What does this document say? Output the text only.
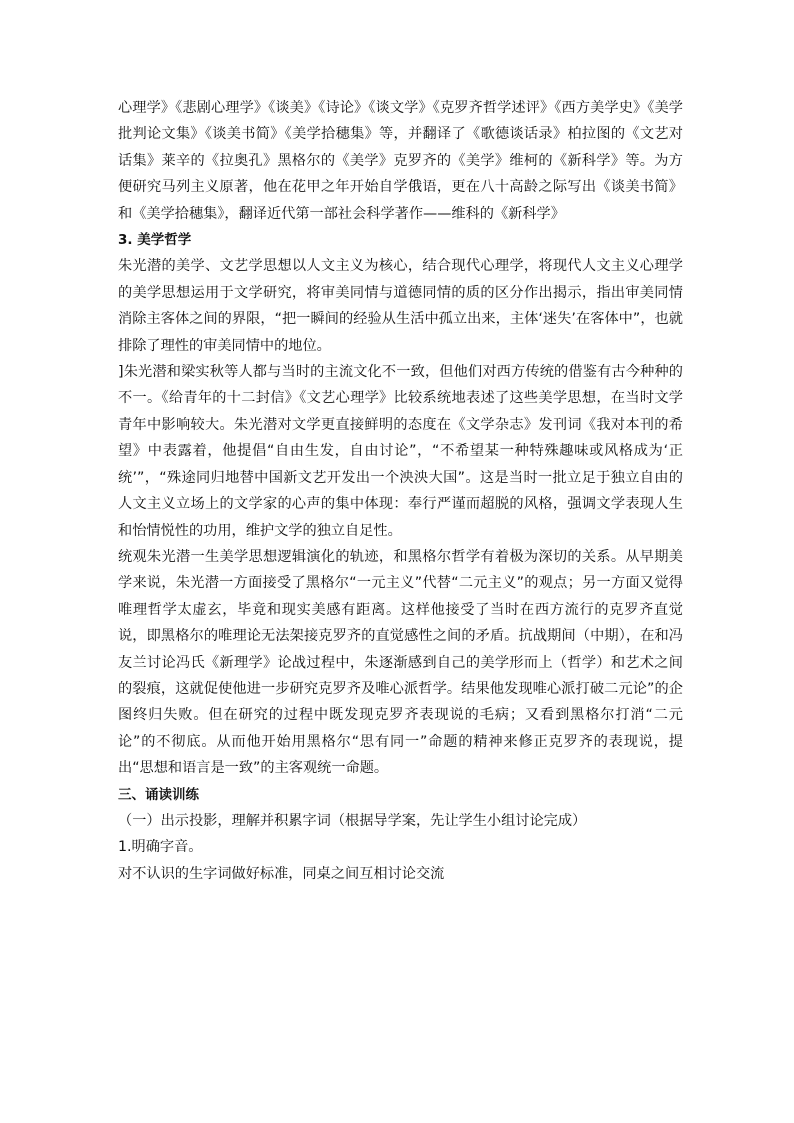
心理学》《悲剧心理学》《谈美》《诗论》《谈文学》《克罗齐哲学述评》《西方美学史》《美学批判论文集》《谈美书简》《美学拾穗集》等，并翻译了《歌德谈话录》柏拉图的《文艺对话集》莱辛的《拉奥孔》黑格尔的《美学》克罗齐的《美学》维柯的《新科学》等。为方便研究马列主义原著，他在花甲之年开始自学俄语，更在八十高龄之际写出《谈美书简》和《美学拾穗集》，翻译近代第一部社会科学著作——维科的《新科学》

3. 美学哲学

朱光潜的美学、文艺学思想以人文主义为核心，结合现代心理学，将现代人文主义心理学的美学思想运用于文学研究，将审美同情与道德同情的质的区分作出揭示，指出审美同情消除主客体之间的界限，“把一瞬间的经验从生活中孤立出来，主体‘迷失’在客体中”，也就排除了理性的审美同情中的地位。

]朱光潜和梁实秋等人都与当时的主流文化不一致，但他们对西方传统的借鉴有古今种种的不一。《给青年的十二封信》《文艺心理学》比较系统地表述了这些美学思想，在当时文学青年中影响较大。朱光潜对文学更直接鲜明的态度在《文学杂志》发刊词《我对本刊的希望》中表露着，他提倡“自由生发，自由讨论”，“不希望某一种特殊趣味或风格成为‘正统’”，“殊途同归地替中国新文艺开发出一个泱泱大国”。这是当时一批立足于独立自由的人文主义立场上的文学家的心声的集中体现：奉行严谨而超脱的风格，强调文学表现人生和怡情悦性的功用，维护文学的独立自足性。

统观朱光潜一生美学思想逻辑演化的轨迹，和黑格尔哲学有着极为深切的关系。从早期美学来说，朱光潜一方面接受了黑格尔“一元主义”代替“二元主义”的观点；另一方面又觉得唯理哲学太虚玄，毕竟和现实美感有距离。这样他接受了当时在西方流行的克罗齐直觉说，即黑格尔的唯理论无法架接克罗齐的直觉感性之间的矛盾。抗战期间（中期），在和冯友兰讨论冯氏《新理学》论战过程中，朱逐渐感到自己的美学形而上（哲学）和艺术之间的裂痕，这就促使他进一步研究克罗齐及唯心派哲学。结果他发现唯心派打破二元论”的企图终归失败。但在研究的过程中既发现克罗齐表现说的毛病；又看到黑格尔打消“二元论”的不彻底。从而他开始用黑格尔“思有同一”命题的精神来修正克罗齐的表现说，提出“思想和语言是一致”的主客观统一命题。

三、诵读训练

（一）出示投影，理解并积累字词（根据导学案，先让学生小组讨论完成）

1.明确字音。

对不认识的生字词做好标准，同桌之间互相讨论交流
